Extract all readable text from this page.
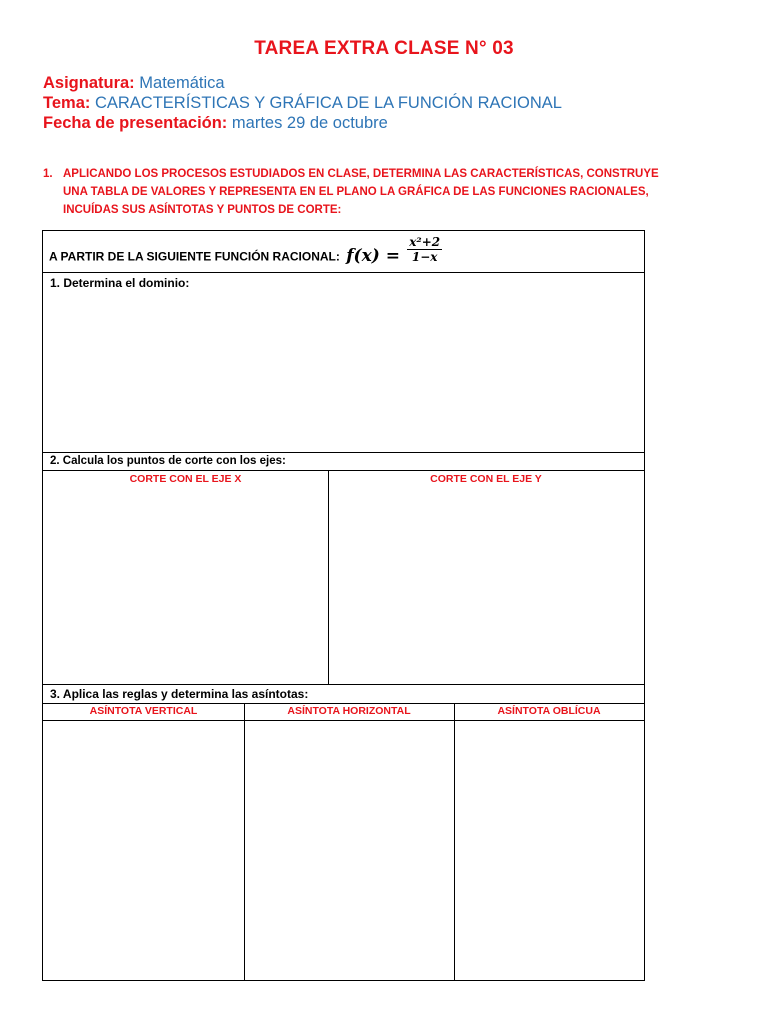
TAREA EXTRA CLASE N° 03
Asignatura: Matemática
Tema: CARACTERÍSTICAS Y GRÁFICA DE LA FUNCIÓN RACIONAL
Fecha de presentación: martes 29 de octubre
1. APLICANDO LOS PROCESOS ESTUDIADOS EN CLASE, DETERMINA LAS CARACTERÍSTICAS, CONSTRUYE UNA TABLA DE VALORES Y REPRESENTA EN EL PLANO LA GRÁFICA DE LAS FUNCIONES RACIONALES, INCUÍDAS SUS ASÍNTOTAS Y PUNTOS DE CORTE:
A PARTIR DE LA SIGUIENTE FUNCIÓN RACIONAL: $f(x) = \frac{\text{x²+2}}{1-x}$
1. Determina el dominio:
2. Calcula los puntos de corte con los ejes:
CORTE CON EL EJE X	CORTE CON EL EJE Y
3. Aplica las reglas y determina las asíntotas:
ASÍNTOTA VERTICAL	ASÍNTOTA HORIZONTAL	ASÍNTOTA OBLÍCUA
